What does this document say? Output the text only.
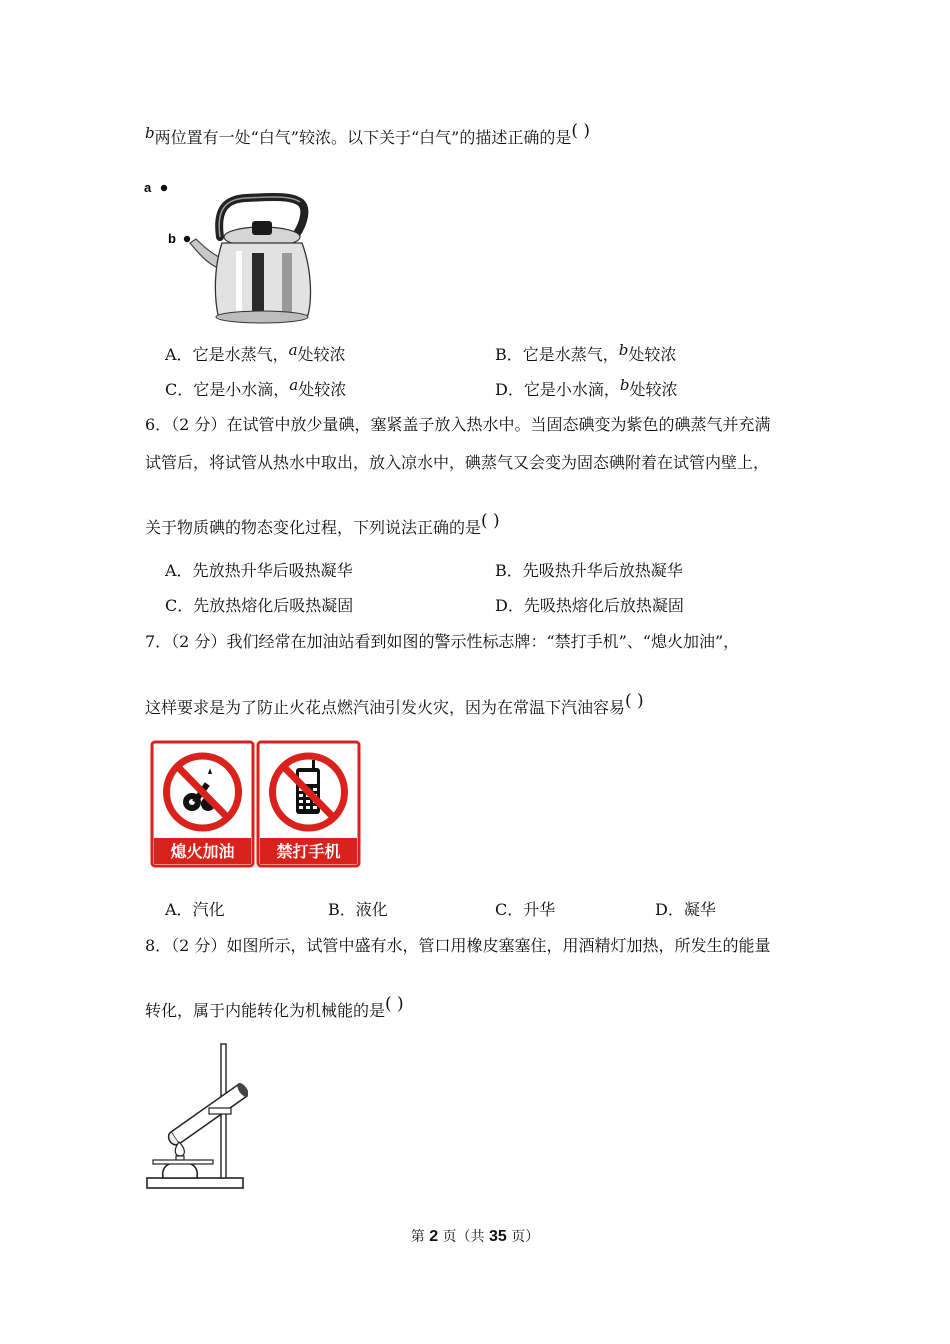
b两位置有一处“白气”较浓。以下关于“白气”的描述正确的是( )
a
b
A．它是水蒸气，a处较浓	B．它是水蒸气，b处较浓
C．它是小水滴，a处较浓	D．它是小水滴，b处较浓
6．（2 分）在试管中放少量碘，塞紧盖子放入热水中。当固态碘变为紫色的碘蒸气并充满
试管后，将试管从热水中取出，放入凉水中，碘蒸气又会变为固态碘附着在试管内壁上，
关于物质碘的物态变化过程，下列说法正确的是( )
A．先放热升华后吸热凝华	B．先吸热升华后放热凝华
C．先放热熔化后吸热凝固	D．先吸热熔化后放热凝固
7．（2 分）我们经常在加油站看到如图的警示性标志牌：“禁打手机”、“熄火加油”，
这样要求是为了防止火花点燃汽油引发火灾，因为在常温下汽油容易( )
熄火加油	禁打手机
A．汽化	B．液化	C．升华	D．凝华
8．（2 分）如图所示，试管中盛有水，管口用橡皮塞塞住，用酒精灯加热，所发生的能量
转化，属于内能转化为机械能的是( )
第 2 页（共 35 页）
